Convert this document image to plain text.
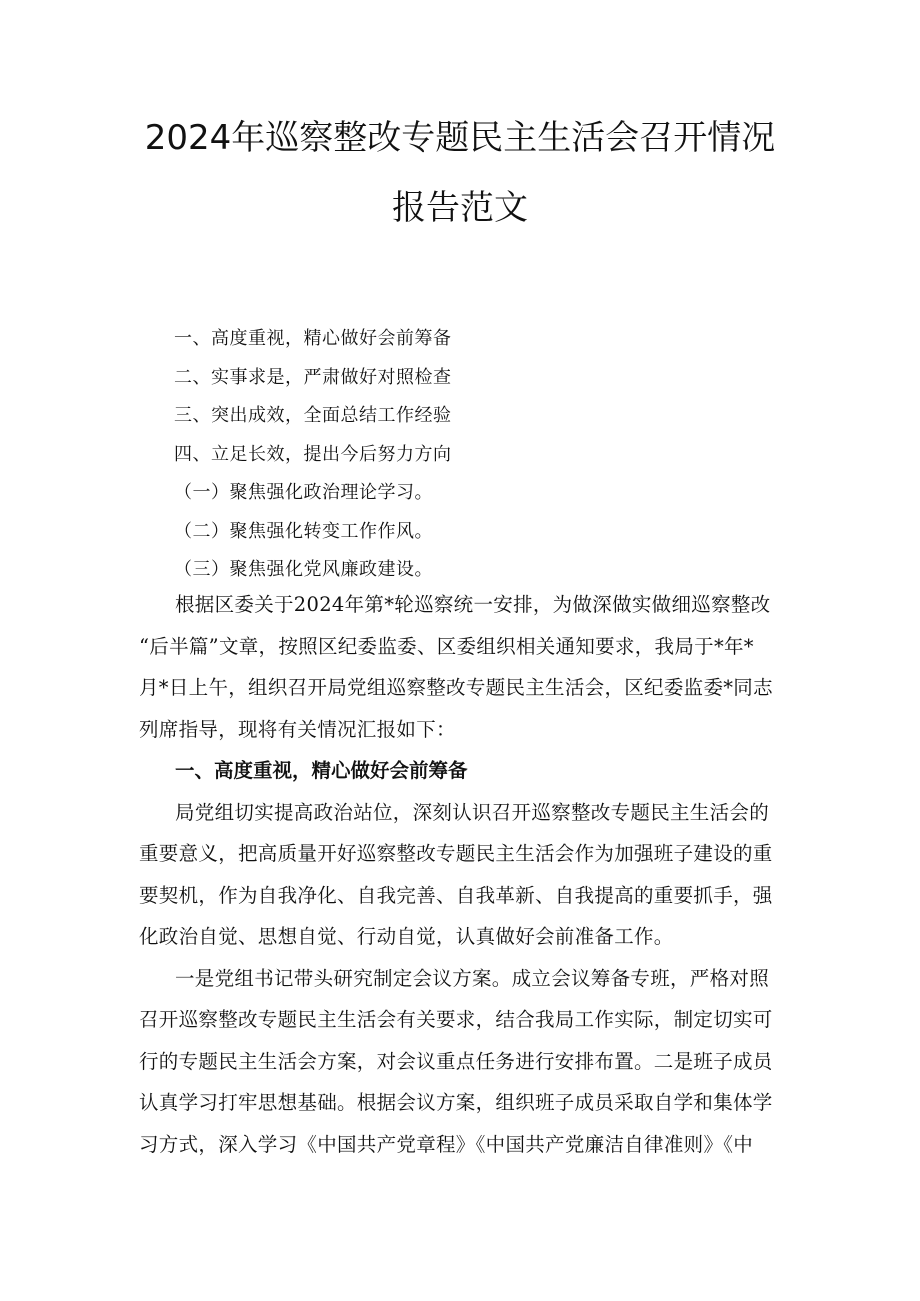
2024年巡察整改专题民主生活会召开情况
报告范文
一、高度重视，精心做好会前筹备
二、实事求是，严肃做好对照检查
三、突出成效，全面总结工作经验
四、立足长效，提出今后努力方向
（一）聚焦强化政治理论学习。
（二）聚焦强化转变工作作风。
（三）聚焦强化党风廉政建设。
根据区委关于2024年第*轮巡察统一安排，为做深做实做细巡察整改
“后半篇”文章，按照区纪委监委、区委组织相关通知要求，我局于*年*
月*日上午，组织召开局党组巡察整改专题民主生活会，区纪委监委*同志
列席指导，现将有关情况汇报如下：
一、高度重视，精心做好会前筹备
局党组切实提高政治站位，深刻认识召开巡察整改专题民主生活会的
重要意义，把高质量开好巡察整改专题民主生活会作为加强班子建设的重
要契机，作为自我净化、自我完善、自我革新、自我提高的重要抓手，强
化政治自觉、思想自觉、行动自觉，认真做好会前准备工作。
一是党组书记带头研究制定会议方案。成立会议筹备专班，严格对照
召开巡察整改专题民主生活会有关要求，结合我局工作实际，制定切实可
行的专题民主生活会方案，对会议重点任务进行安排布置。二是班子成员
认真学习打牢思想基础。根据会议方案，组织班子成员采取自学和集体学
习方式，深入学习《中国共产党章程》《中国共产党廉洁自律准则》《中
